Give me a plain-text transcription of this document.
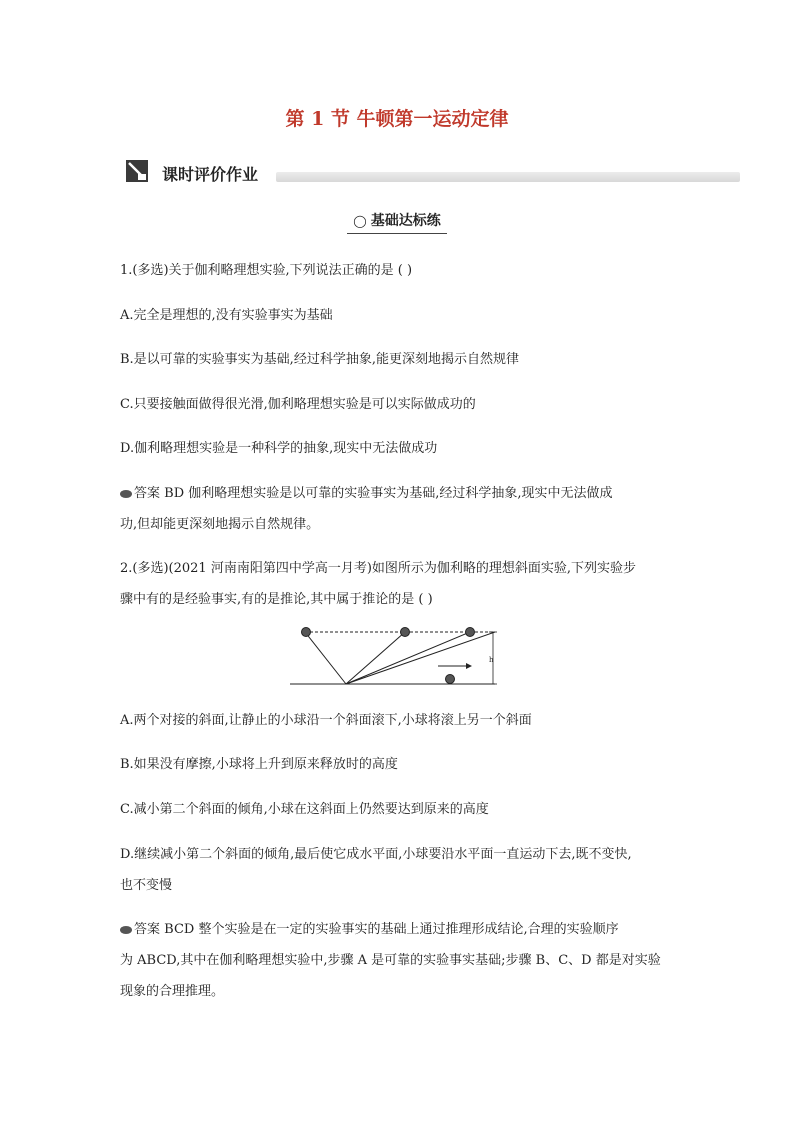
第 1 节 牛顿第一运动定律
课时评价作业
◯ 基础达标练
1.(多选)关于伽利略理想实验,下列说法正确的是 ( )
A.完全是理想的,没有实验事实为基础
B.是以可靠的实验事实为基础,经过科学抽象,能更深刻地揭示自然规律
C.只要接触面做得很光滑,伽利略理想实验是可以实际做成功的
D.伽利略理想实验是一种科学的抽象,现实中无法做成功
答案 BD 伽利略理想实验是以可靠的实验事实为基础,经过科学抽象,现实中无法做成
功,但却能更深刻地揭示自然规律。
2.(多选)(2021 河南南阳第四中学高一月考)如图所示为伽利略的理想斜面实验,下列实验步
骤中有的是经验事实,有的是推论,其中属于推论的是 ( )
h
A.两个对接的斜面,让静止的小球沿一个斜面滚下,小球将滚上另一个斜面
B.如果没有摩擦,小球将上升到原来释放时的高度
C.减小第二个斜面的倾角,小球在这斜面上仍然要达到原来的高度
D.继续减小第二个斜面的倾角,最后使它成水平面,小球要沿水平面一直运动下去,既不变快,
也不变慢
答案 BCD 整个实验是在一定的实验事实的基础上通过推理形成结论,合理的实验顺序
为 ABCD,其中在伽利略理想实验中,步骤 A 是可靠的实验事实基础;步骤 B、C、D 都是对实验
现象的合理推理。
